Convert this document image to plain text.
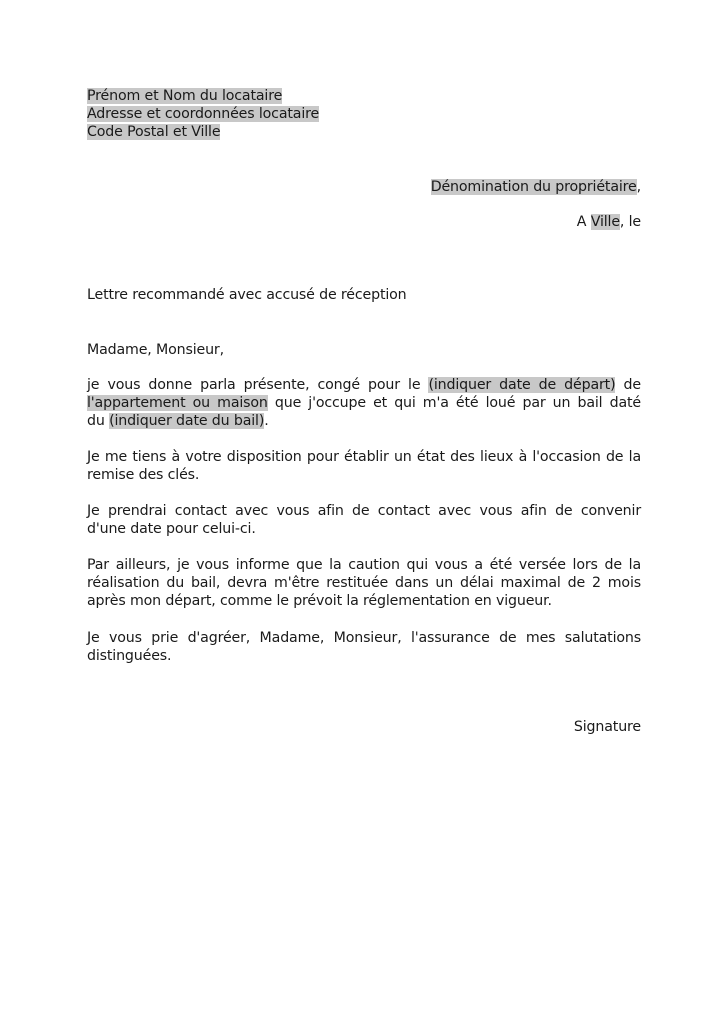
Prénom et Nom du locataire
Adresse et coordonnées locataire
Code Postal et Ville
Dénomination du propriétaire,
A Ville, le
Lettre recommandé avec accusé de réception
Madame, Monsieur,
je vous donne parla présente, congé pour le (indiquer date de départ) de
l'appartement ou maison que j'occupe et qui m'a été loué par un bail daté
du (indiquer date du bail).
Je me tiens à votre disposition pour établir un état des lieux à l'occasion de la
remise des clés.
Je prendrai contact avec vous afin de contact avec vous afin de convenir
d'une date pour celui-ci.
Par ailleurs, je vous informe que la caution qui vous a été versée lors de la
réalisation du bail, devra m'être restituée dans un délai maximal de 2 mois
après mon départ, comme le prévoit la réglementation en vigueur.
Je vous prie d'agréer, Madame, Monsieur, l'assurance de mes salutations
distinguées.
Signature
